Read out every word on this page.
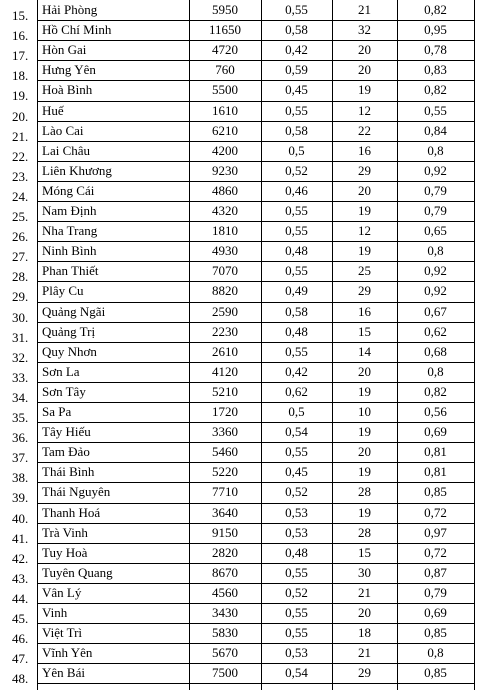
15.	Hải Phòng	5950	0,55	21	0,82
16.	Hồ Chí Minh	11650	0,58	32	0,95
17.	Hòn Gai	4720	0,42	20	0,78
18.	Hưng Yên	760	0,59	20	0,83
19.	Hoà Bình	5500	0,45	19	0,82
20.	Huế	1610	0,55	12	0,55
21.	Lào Cai	6210	0,58	22	0,84
22.	Lai Châu	4200	0,5	16	0,8
23.	Liên Khương	9230	0,52	29	0,92
24.	Móng Cái	4860	0,46	20	0,79
25.	Nam Định	4320	0,55	19	0,79
26.	Nha Trang	1810	0,55	12	0,65
27.	Ninh Bình	4930	0,48	19	0,8
28.	Phan Thiết	7070	0,55	25	0,92
29.	Plây Cu	8820	0,49	29	0,92
30.	Quảng Ngãi	2590	0,58	16	0,67
31.	Quảng Trị	2230	0,48	15	0,62
32.	Quy Nhơn	2610	0,55	14	0,68
33.	Sơn La	4120	0,42	20	0,8
34.	Sơn Tây	5210	0,62	19	0,82
35.	Sa Pa	1720	0,5	10	0,56
36.	Tây Hiếu	3360	0,54	19	0,69
37.	Tam Đảo	5460	0,55	20	0,81
38.	Thái Bình	5220	0,45	19	0,81
39.	Thái Nguyên	7710	0,52	28	0,85
40.	Thanh Hoá	3640	0,53	19	0,72
41.	Trà Vinh	9150	0,53	28	0,97
42.	Tuy Hoà	2820	0,48	15	0,72
43.	Tuyên Quang	8670	0,55	30	0,87
44.	Vân Lý	4560	0,52	21	0,79
45.	Vinh	3430	0,55	20	0,69
46.	Việt Trì	5830	0,55	18	0,85
47.	Vĩnh Yên	5670	0,53	21	0,8
48.	Yên Bái	7500	0,54	29	0,85
